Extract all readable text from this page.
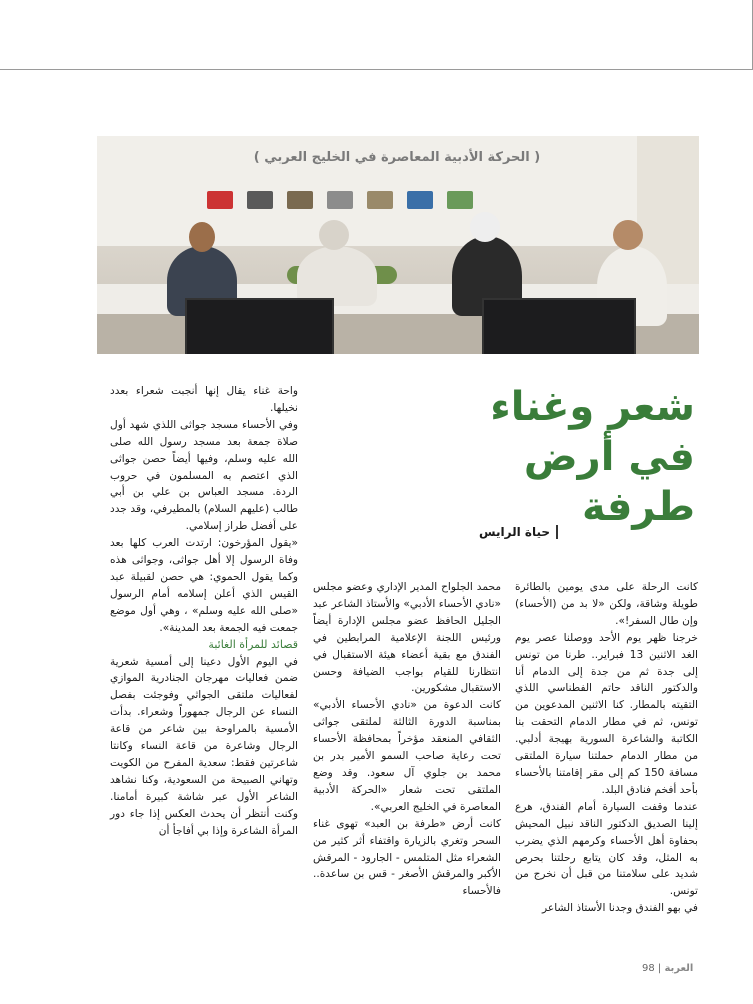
( الحركة الأدبية المعاصرة في الخليج العربي )
شعر وغناء
في أرض طرفة
حياة الرايس

كانت الرحلة على مدى يومين بالطائرة طويلة وشاقة، ولكن «لا بد من (الأحساء) وإن طال السفر!».

خرجنا ظهر يوم الأحد ووصلنا عصر يوم الغد الاثنين 13 فبراير.. طرنا من تونس إلى جدة ثم من جدة إلى الدمام أنا والدكتور الناقد حاتم الفطناسي اللذي التقيته بالمطار. كنا الاثنين المدعوين من تونس، ثم في مطار الدمام التحقت بنا الكاتبة والشاعرة السورية بهيجة أدلبي. من مطار الدمام حملتنا سيارة الملتقى مسافة 150 كم إلى مقر إقامتنا بالأحساء بأحد أفخم فنادق البلد.

عندما وقفت السيارة أمام الفندق، هرع إلينا الصديق الدكتور الناقد نبيل المحيش بحفاوة أهل الأحساء وكرمهم الذي يضرب به المثل، وقد كان يتابع رحلتنا بحرص شديد على سلامتنا من قبل أن نخرج من تونس.

في بهو الفندق وجدنا الأستاذ الشاعر

محمد الجلواح المدير الإداري وعضو مجلس «نادي الأحساء الأدبي» والأستاذ الشاعر عبد الجليل الحافظ عضو مجلس الإدارة أيضاً ورئيس اللجنة الإعلامية المرابطين في الفندق مع بقية أعضاء هيئة الاستقبال في انتظارنا للقيام بواجب الضيافة وحسن الاستقبال مشكورين.

كانت الدعوة من «نادي الأحساء الأدبي» بمناسبة الدورة الثالثة لملتقى جواثى الثقافي المنعقد مؤخراً بمحافظة الأحساء تحت رعاية صاحب السمو الأمير بدر بن محمد بن جلوي آل سعود. وقد وضع الملتقى تحت شعار «الحركة الأدبية المعاصرة في الخليج العربي».

كانت أرض «طرفة بن العبد» تهوى غناء السحر وتغري بالزيارة واقتفاء أثر كثير من الشعراء مثل المتلمس - الجارود - المرقش الأكبر والمرقش الأصغر - قس بن ساعدة.. فالأحساء

واحة غناء يقال إنها أنجبت شعراء بعدد نخيلها.

وفي الأحساء مسجد جواثى اللذي شهد أول صلاة جمعة بعد مسجد رسول الله صلى الله عليه وسلم، وفيها أيضاً حصن جواثى الذي اعتصم به المسلمون في حروب الردة. مسجد العباس بن علي بن أبي طالب (عليهم السلام) بالمطيرفي، وقد جدد على أفضل طراز إسلامي.

«يقول المؤرخون: ارتدت العرب كلها بعد وفاة الرسول إلا أهل جواثى، وجواثى هذه وكما يقول الحموي: هي حصن لقبيلة عبد القيس الذي أعلن إسلامه أمام الرسول «صلى الله عليه وسلم» ، وهي أول موضع جمعت فيه الجمعة بعد المدينة».

قصائد للمرأة الغائبة

في اليوم الأول دعينا إلى أمسية شعرية ضمن فعاليات مهرجان الجنادرية الموازي لفعاليات ملتقى الجواثي وفوجئت بفصل النساء عن الرجال جمهوراً وشعراء. بدأت الأمسية بالمراوحة بين شاعر من قاعة الرجال وشاعرة من قاعة النساء وكانتا شاعرتين فقط: سعدية المفرح من الكويت وتهاني الصبيحة من السعودية، وكنا نشاهد الشاعر الأول عبر شاشة كبيرة أمامنا. وكنت أنتظر أن يحدث العكس إذا جاء دور المرأة الشاعرة وإذا بي أفاجأ أن

العربة | 98
